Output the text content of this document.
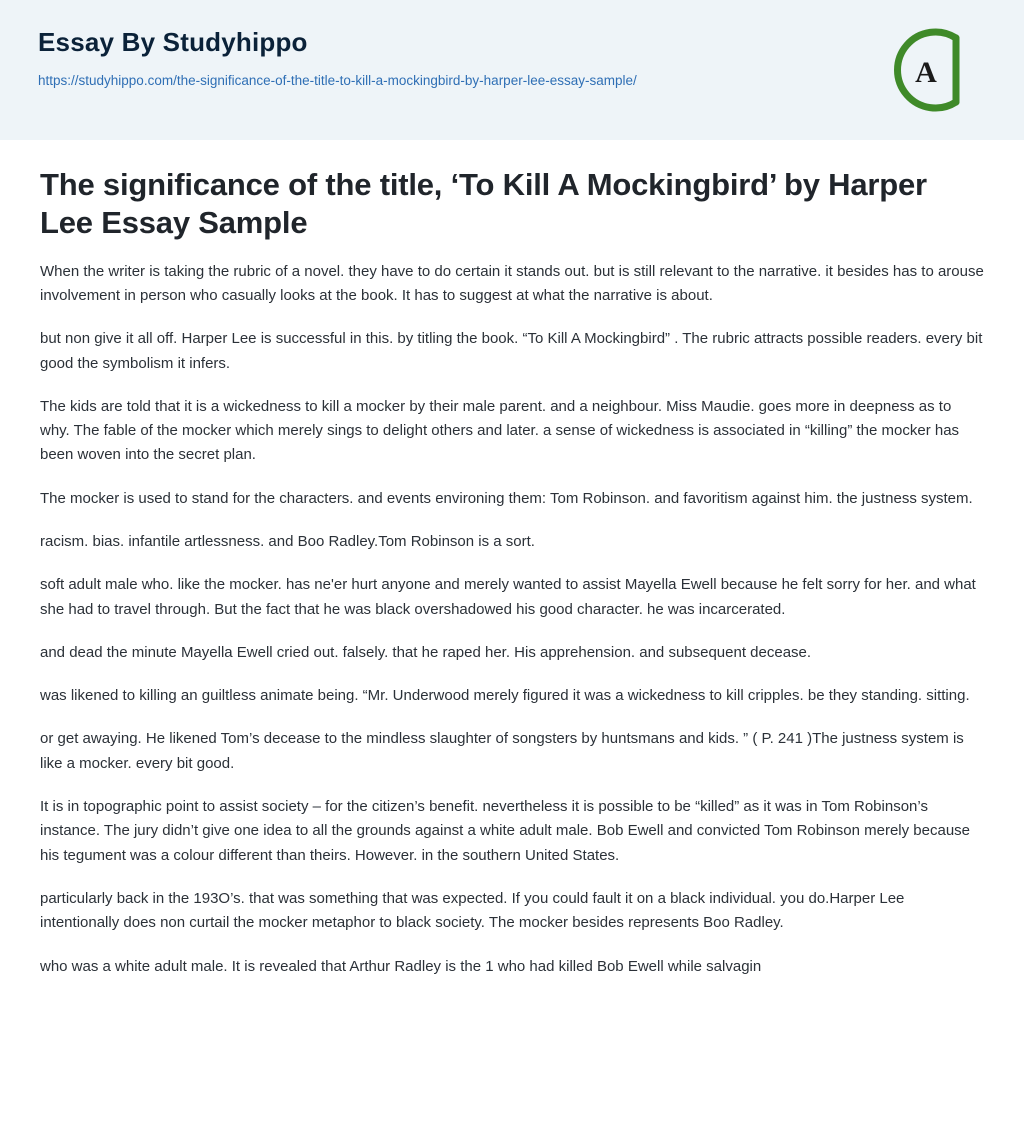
Essay By Studyhippo
https://studyhippo.com/the-significance-of-the-title-to-kill-a-mockingbird-by-harper-lee-essay-sample/	A
The significance of the title, ‘To Kill A Mockingbird’ by Harper Lee Essay Sample

When the writer is taking the rubric of a novel. they have to do certain it stands out. but is still relevant to the narrative. it besides has to arouse involvement in person who casually looks at the book. It has to suggest at what the narrative is about.

but non give it all off. Harper Lee is successful in this. by titling the book. “To Kill A Mockingbird” . The rubric attracts possible readers. every bit good the symbolism it infers.

The kids are told that it is a wickedness to kill a mocker by their male parent. and a neighbour. Miss Maudie. goes more in deepness as to why. The fable of the mocker which merely sings to delight others and later. a sense of wickedness is associated in “killing” the mocker has been woven into the secret plan.

The mocker is used to stand for the characters. and events environing them: Tom Robinson. and favoritism against him. the justness system.

racism. bias. infantile artlessness. and Boo Radley.Tom Robinson is a sort.

soft adult male who. like the mocker. has ne'er hurt anyone and merely wanted to assist Mayella Ewell because he felt sorry for her. and what she had to travel through. But the fact that he was black overshadowed his good character. he was incarcerated.

and dead the minute Mayella Ewell cried out. falsely. that he raped her. His apprehension. and subsequent decease.

was likened to killing an guiltless animate being. “Mr. Underwood merely figured it was a wickedness to kill cripples. be they standing. sitting.

or get awaying. He likened Tom’s decease to the mindless slaughter of songsters by huntsmans and kids. ” ( P. 241 )The justness system is like a mocker. every bit good.

It is in topographic point to assist society – for the citizen’s benefit. nevertheless it is possible to be “killed” as it was in Tom Robinson’s instance. The jury didn’t give one idea to all the grounds against a white adult male. Bob Ewell and convicted Tom Robinson merely because his tegument was a colour different than theirs. However. in the southern United States.

particularly back in the 193O’s. that was something that was expected. If you could fault it on a black individual. you do.Harper Lee intentionally does non curtail the mocker metaphor to black society. The mocker besides represents Boo Radley.

who was a white adult male. It is revealed that Arthur Radley is the 1 who had killed Bob Ewell while salvagin
